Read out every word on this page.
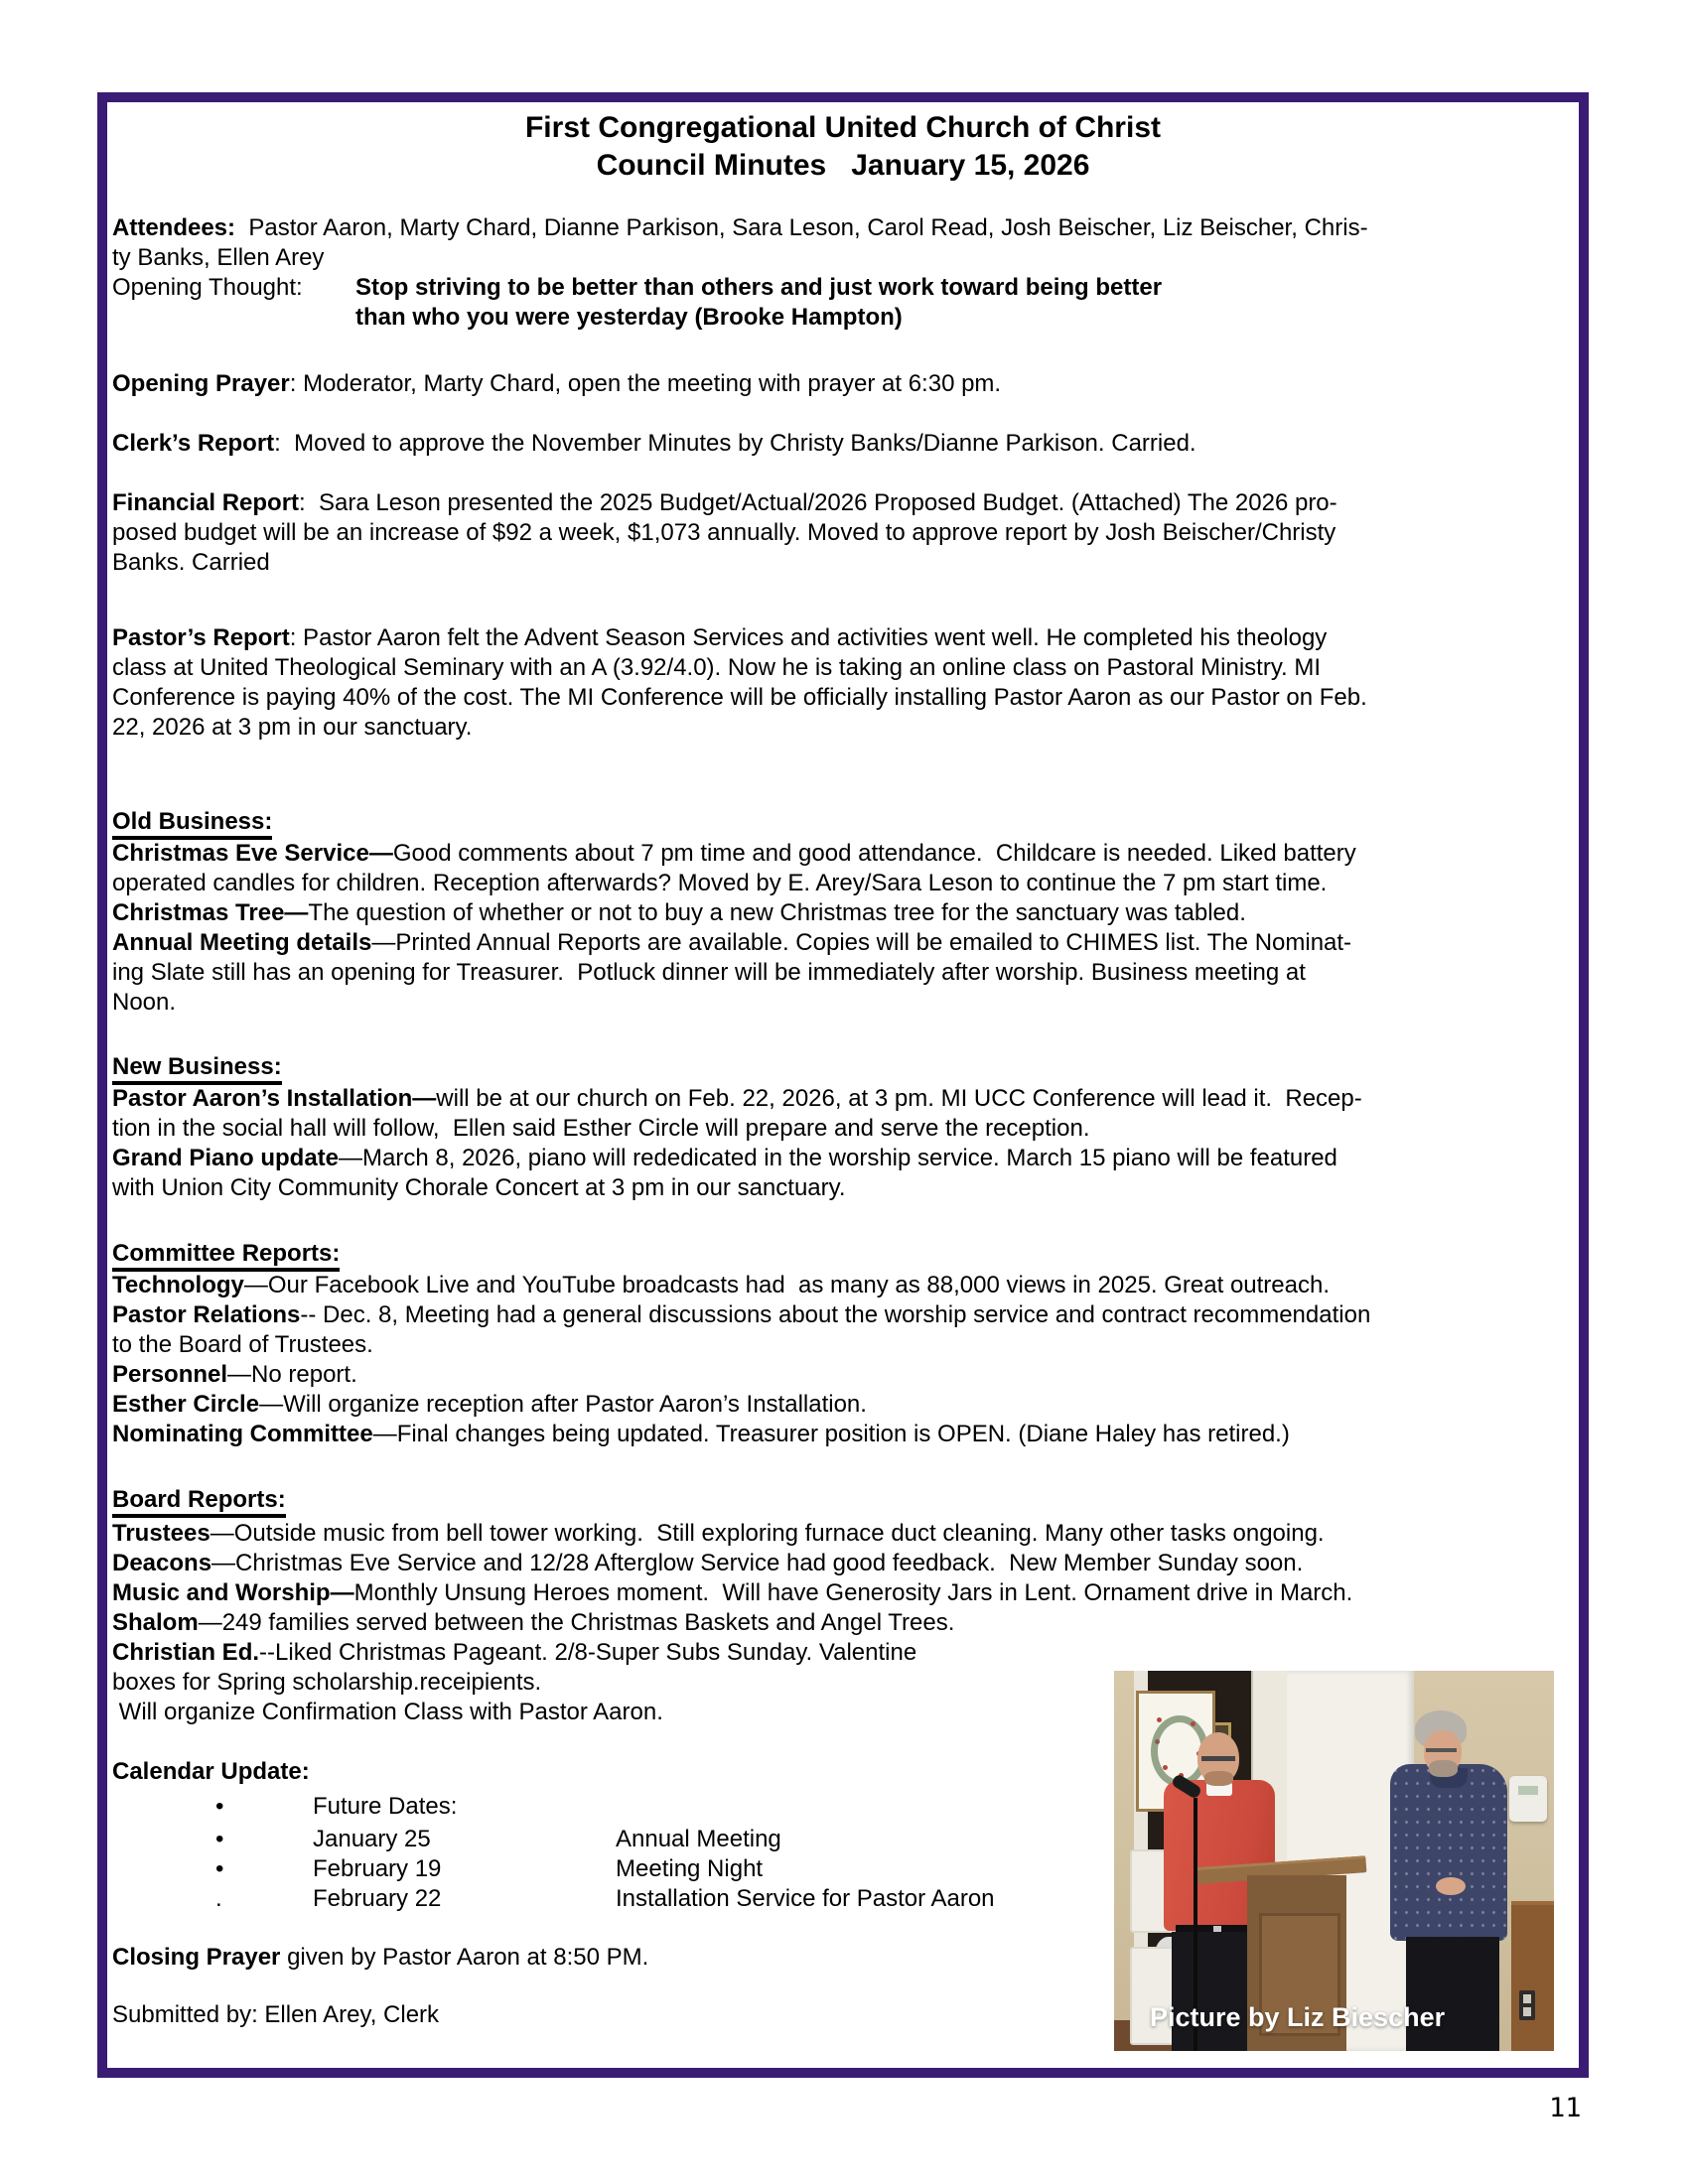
First Congregational United Church of Christ
Council Minutes   January 15, 2026
Attendees:  Pastor Aaron, Marty Chard, Dianne Parkison, Sara Leson, Carol Read, Josh Beischer, Liz Beischer, Chris-
ty Banks, Ellen Arey
Opening Thought: Stop striving to be better than others and just work toward being better
than who you were yesterday (Brooke Hampton)
Opening Prayer: Moderator, Marty Chard, open the meeting with prayer at 6:30 pm.
Clerk’s Report:  Moved to approve the November Minutes by Christy Banks/Dianne Parkison. Carried.
Financial Report:  Sara Leson presented the 2025 Budget/Actual/2026 Proposed Budget. (Attached) The 2026 pro-
posed budget will be an increase of $92 a week, $1,073 annually. Moved to approve report by Josh Beischer/Christy
Banks. Carried
Pastor’s Report: Pastor Aaron felt the Advent Season Services and activities went well. He completed his theology
class at United Theological Seminary with an A (3.92/4.0). Now he is taking an online class on Pastoral Ministry. MI
Conference is paying 40% of the cost. The MI Conference will be officially installing Pastor Aaron as our Pastor on Feb.
22, 2026 at 3 pm in our sanctuary.
Old Business:
Christmas Eve Service—Good comments about 7 pm time and good attendance.  Childcare is needed. Liked battery
operated candles for children. Reception afterwards? Moved by E. Arey/Sara Leson to continue the 7 pm start time.
Christmas Tree—The question of whether or not to buy a new Christmas tree for the sanctuary was tabled.
Annual Meeting details—Printed Annual Reports are available. Copies will be emailed to CHIMES list. The Nominat-
ing Slate still has an opening for Treasurer.  Potluck dinner will be immediately after worship. Business meeting at
Noon.
New Business:
Pastor Aaron’s Installation—will be at our church on Feb. 22, 2026, at 3 pm. MI UCC Conference will lead it.  Recep-
tion in the social hall will follow,  Ellen said Esther Circle will prepare and serve the reception.
Grand Piano update—March 8, 2026, piano will rededicated in the worship service. March 15 piano will be featured
with Union City Community Chorale Concert at 3 pm in our sanctuary.
Committee Reports:
Technology—Our Facebook Live and YouTube broadcasts had  as many as 88,000 views in 2025. Great outreach.
Pastor Relations-- Dec. 8, Meeting had a general discussions about the worship service and contract recommendation
to the Board of Trustees.
Personnel—No report.
Esther Circle—Will organize reception after Pastor Aaron’s Installation.
Nominating Committee—Final changes being updated. Treasurer position is OPEN. (Diane Haley has retired.)
Board Reports:
Trustees—Outside music from bell tower working.  Still exploring furnace duct cleaning. Many other tasks ongoing.
Deacons—Christmas Eve Service and 12/28 Afterglow Service had good feedback.  New Member Sunday soon.
Music and Worship—Monthly Unsung Heroes moment.  Will have Generosity Jars in Lent. Ornament drive in March.
Shalom—249 families served between the Christmas Baskets and Angel Trees.
Christian Ed.--Liked Christmas Pageant. 2/8-Super Subs Sunday. Valentine
boxes for Spring scholarship.receipients.
Will organize Confirmation Class with Pastor Aaron.
Calendar Update:
•	Future Dates:
•	January 25	Annual Meeting
•	February 19	Meeting Night
.	February 22	Installation Service for Pastor Aaron
Closing Prayer given by Pastor Aaron at 8:50 PM.
Submitted by: Ellen Arey, Clerk	Picture by Liz Biescher
11
